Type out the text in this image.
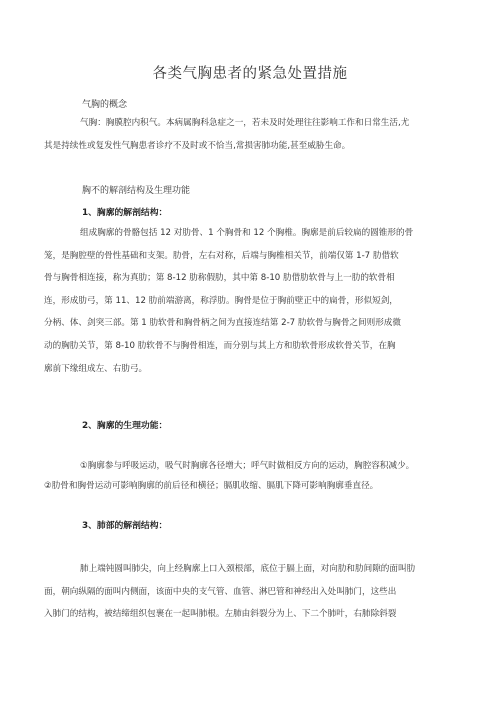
各类气胸患者的紧急处置措施
气胸的概念
气胸：胸膜腔内积气。本病属胸科急症之一，若未及时处理往往影响工作和日常生活,尤
其是持续性或复发性气胸患者诊疗不及时或不恰当,常损害肺功能,甚至威胁生命。
胸不的解剖结构及生理功能
1、胸廓的解剖结构：
组成胸廓的骨骼包括 12 对肋骨、1 个胸骨和 12 个胸椎。胸廓是前后较扁的圆锥形的骨
笼，是胸腔壁的骨性基础和支架。肋骨，左右对称，后端与胸椎相关节，前端仅第 1-7 肋借软
骨与胸骨相连接，称为真肋；第 8-12 肋称假肋，其中第 8-10 肋借肋软骨与上一肋的软骨相
连，形成肋弓，第 11、12 肋前端游离，称浮肋。胸骨是位于胸前壁正中的扁骨，形似短剑，
分柄、体、剑突三部。第 1 肋软骨和胸骨柄之间为直接连结第 2-7 肋软骨与胸骨之间则形成微
动的胸肋关节，第 8-10 肋软骨不与胸骨相连，而分别与其上方和肋软骨形成软骨关节，在胸
廓前下缘组成左、右肋弓。
2、胸廓的生理功能：
①胸廓参与呼吸运动，吸气时胸廓各径增大；呼气时做相反方向的运动，胸腔容积减少。
②肋骨和胸骨运动可影响胸廓的前后径和横径；膈肌收缩、膈肌下降可影响胸廓垂直径。
3、肺部的解剖结构：
肺上端钝圆叫肺尖，向上经胸廓上口入颈根部，底位于膈上面，对向肋和肋间隙的面叫肋
面，朝向纵隔的面叫内侧面，该面中央的支气管、血管、淋巴管和神经出入处叫肺门，这些出
入肺门的结构，被结缔组织包裹在一起叫肺根。左肺由斜裂分为上、下二个肺叶，右肺除斜裂
